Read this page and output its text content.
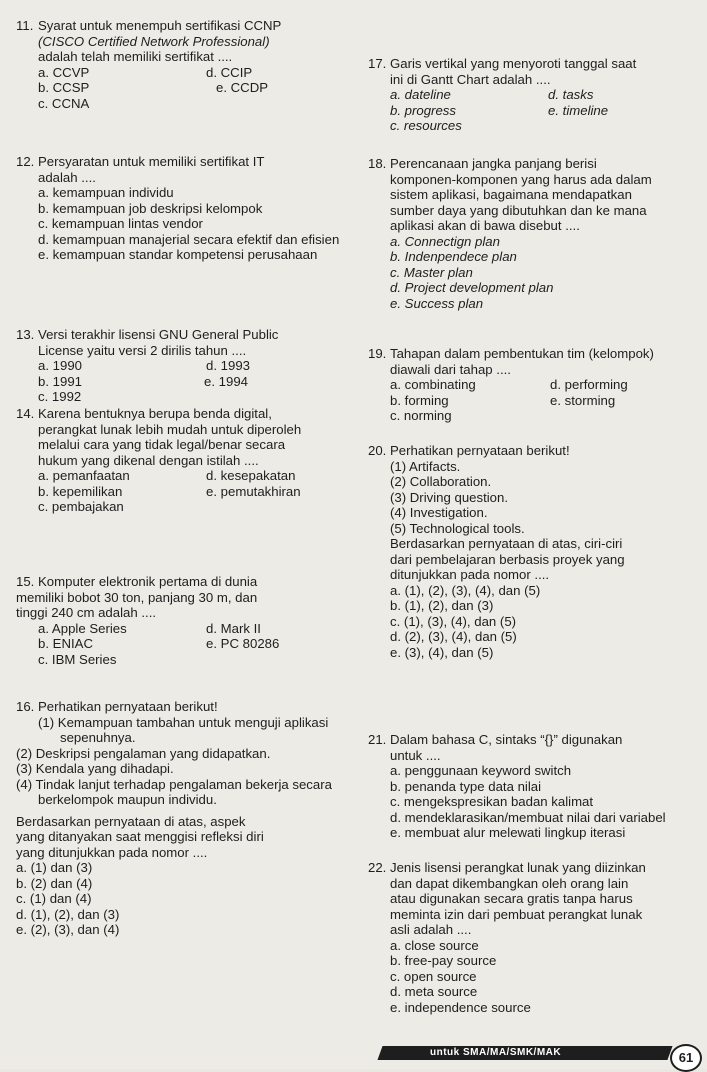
11. Syarat untuk menempuh sertifikasi CCNP
(CISCO Certified Network Professional)
adalah telah memiliki sertifikat ....
a. CCVP	d. CCIP
b. CCSP	e. CCDP
c. CCNA
12. Persyaratan untuk memiliki sertifikat IT
adalah ....
a. kemampuan individu
b. kemampuan job deskripsi kelompok
c. kemampuan lintas vendor
d. kemampuan manajerial secara efektif dan efisien
e. kemampuan standar kompetensi perusahaan
13. Versi terakhir lisensi GNU General Public
License yaitu versi 2 dirilis tahun ....
a. 1990	d. 1993
b. 1991	e. 1994
c. 1992
14. Karena bentuknya berupa benda digital,
perangkat lunak lebih mudah untuk diperoleh
melalui cara yang tidak legal/benar secara
hukum yang dikenal dengan istilah ....
a. pemanfaatan	d. kesepakatan
b. kepemilikan	e. pemutakhiran
c. pembajakan
15. Komputer elektronik pertama di dunia
memiliki bobot 30 ton, panjang 30 m, dan
tinggi 240 cm adalah ....
a. Apple Series	d. Mark II
b. ENIAC	e. PC 80286
c. IBM Series
16. Perhatikan pernyataan berikut!
(1) Kemampuan tambahan untuk menguji aplikasi sepenuhnya.
(2) Deskripsi pengalaman yang didapatkan.
(3) Kendala yang dihadapi.
(4) Tindak lanjut terhadap pengalaman bekerja secara berkelompok maupun individu.
Berdasarkan pernyataan di atas, aspek
yang ditanyakan saat menggisi refleksi diri
yang ditunjukkan pada nomor ....
a. (1) dan (3)
b. (2) dan (4)
c. (1) dan (4)
d. (1), (2), dan (3)
e. (2), (3), dan (4)
17. Garis vertikal yang menyoroti tanggal saat
ini di Gantt Chart adalah ....
a. dateline	d. tasks
b. progress	e. timeline
c. resources
18. Perencanaan jangka panjang berisi
komponen-komponen yang harus ada dalam
sistem aplikasi, bagaimana mendapatkan
sumber daya yang dibutuhkan dan ke mana
aplikasi akan di bawa disebut ....
a. Connectign plan
b. Indenpendece plan
c. Master plan
d. Project development plan
e. Success plan
19. Tahapan dalam pembentukan tim (kelompok)
diawali dari tahap ....
a. combinating	d. performing
b. forming	e. storming
c. norming
20. Perhatikan pernyataan berikut!
(1) Artifacts.
(2) Collaboration.
(3) Driving question.
(4) Investigation.
(5) Technological tools.
Berdasarkan pernyataan di atas, ciri-ciri
dari pembelajaran berbasis proyek yang
ditunjukkan pada nomor ....
a. (1), (2), (3), (4), dan (5)
b. (1), (2), dan (3)
c. (1), (3), (4), dan (5)
d. (2), (3), (4), dan (5)
e. (3), (4), dan (5)
21. Dalam bahasa C, sintaks “{}” digunakan
untuk ....
a. penggunaan keyword switch
b. penanda type data nilai
c. mengekspresikan badan kalimat
d. mendeklarasikan/membuat nilai dari variabel
e. membuat alur melewati lingkup iterasi
22. Jenis lisensi perangkat lunak yang diizinkan
dan dapat dikembangkan oleh orang lain
atau digunakan secara gratis tanpa harus
meminta izin dari pembuat perangkat lunak
asli adalah ....
a. close source
b. free-pay source
c. open source
d. meta source
e. independence source
untuk SMA/MA/SMK/MAK	61
